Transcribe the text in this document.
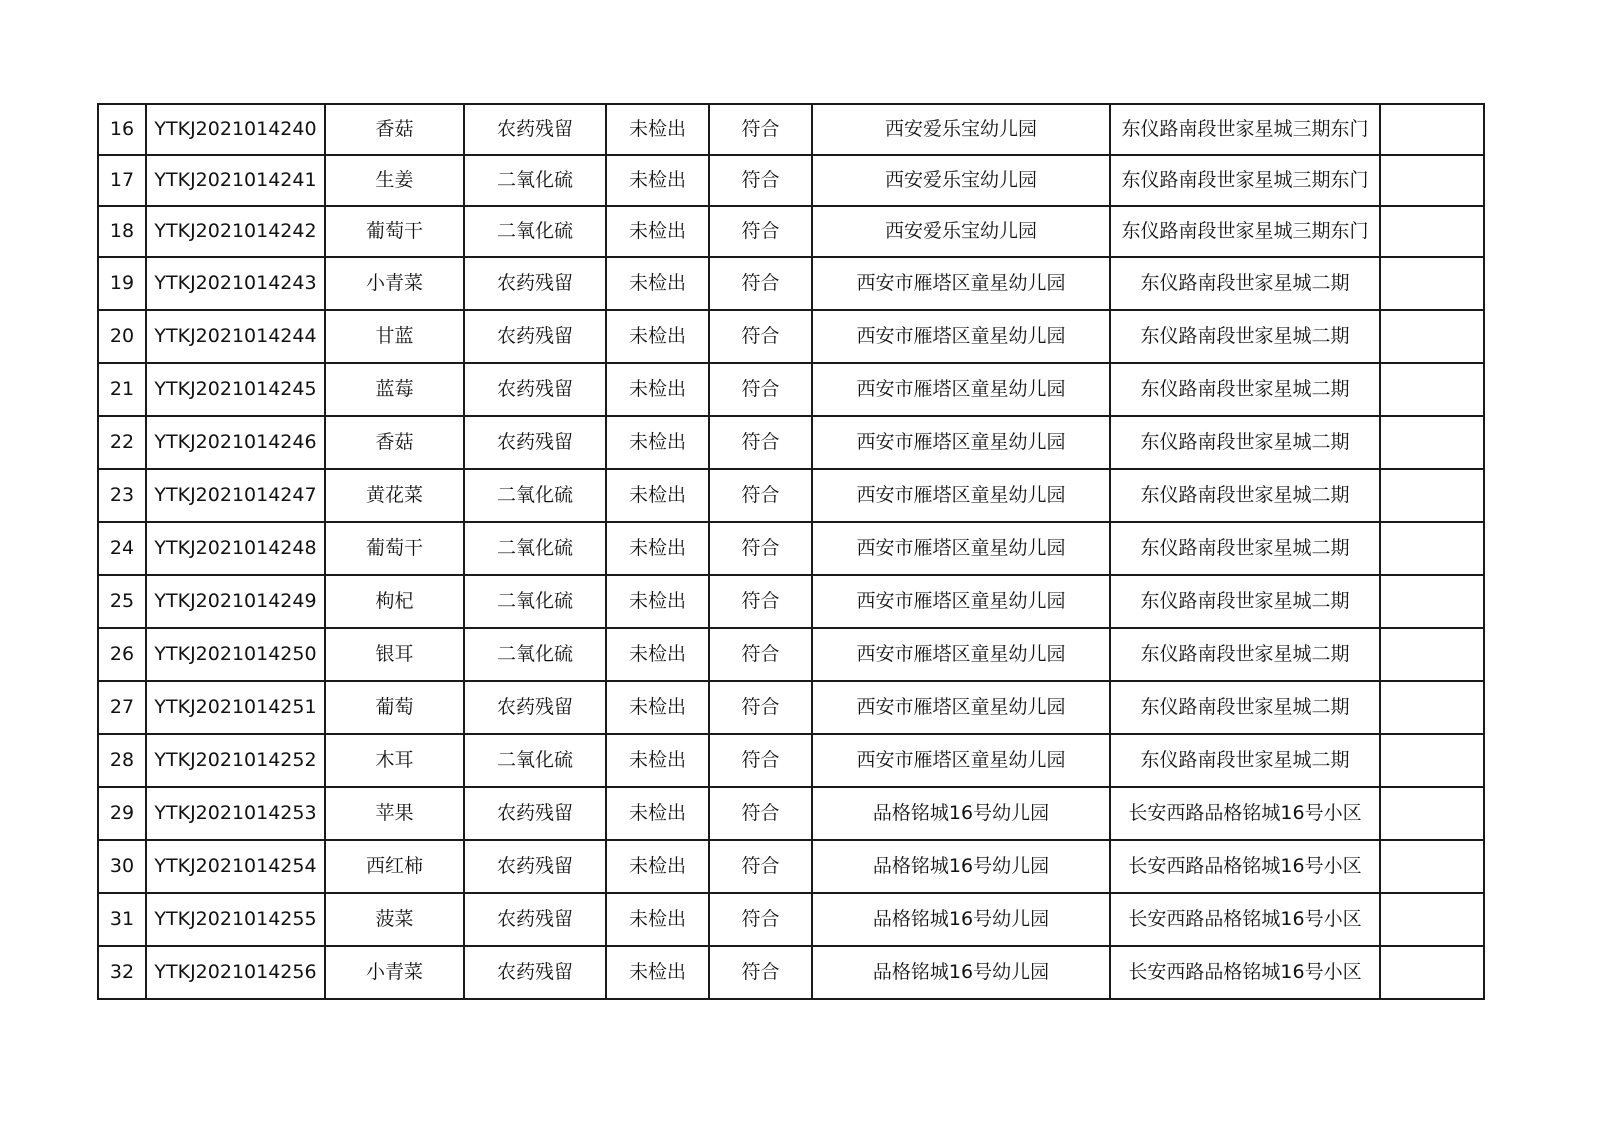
16	YTKJ2021014240	香菇	农药残留	未检出	符合	西安爱乐宝幼儿园	东仪路南段世家星城三期东门	
17	YTKJ2021014241	生姜	二氧化硫	未检出	符合	西安爱乐宝幼儿园	东仪路南段世家星城三期东门	
18	YTKJ2021014242	葡萄干	二氧化硫	未检出	符合	西安爱乐宝幼儿园	东仪路南段世家星城三期东门	
19	YTKJ2021014243	小青菜	农药残留	未检出	符合	西安市雁塔区童星幼儿园	东仪路南段世家星城二期	
20	YTKJ2021014244	甘蓝	农药残留	未检出	符合	西安市雁塔区童星幼儿园	东仪路南段世家星城二期	
21	YTKJ2021014245	蓝莓	农药残留	未检出	符合	西安市雁塔区童星幼儿园	东仪路南段世家星城二期	
22	YTKJ2021014246	香菇	农药残留	未检出	符合	西安市雁塔区童星幼儿园	东仪路南段世家星城二期	
23	YTKJ2021014247	黄花菜	二氧化硫	未检出	符合	西安市雁塔区童星幼儿园	东仪路南段世家星城二期	
24	YTKJ2021014248	葡萄干	二氧化硫	未检出	符合	西安市雁塔区童星幼儿园	东仪路南段世家星城二期	
25	YTKJ2021014249	枸杞	二氧化硫	未检出	符合	西安市雁塔区童星幼儿园	东仪路南段世家星城二期	
26	YTKJ2021014250	银耳	二氧化硫	未检出	符合	西安市雁塔区童星幼儿园	东仪路南段世家星城二期	
27	YTKJ2021014251	葡萄	农药残留	未检出	符合	西安市雁塔区童星幼儿园	东仪路南段世家星城二期	
28	YTKJ2021014252	木耳	二氧化硫	未检出	符合	西安市雁塔区童星幼儿园	东仪路南段世家星城二期	
29	YTKJ2021014253	苹果	农药残留	未检出	符合	品格铭城16号幼儿园	长安西路品格铭城16号小区	
30	YTKJ2021014254	西红柿	农药残留	未检出	符合	品格铭城16号幼儿园	长安西路品格铭城16号小区	
31	YTKJ2021014255	菠菜	农药残留	未检出	符合	品格铭城16号幼儿园	长安西路品格铭城16号小区	
32	YTKJ2021014256	小青菜	农药残留	未检出	符合	品格铭城16号幼儿园	长安西路品格铭城16号小区	
